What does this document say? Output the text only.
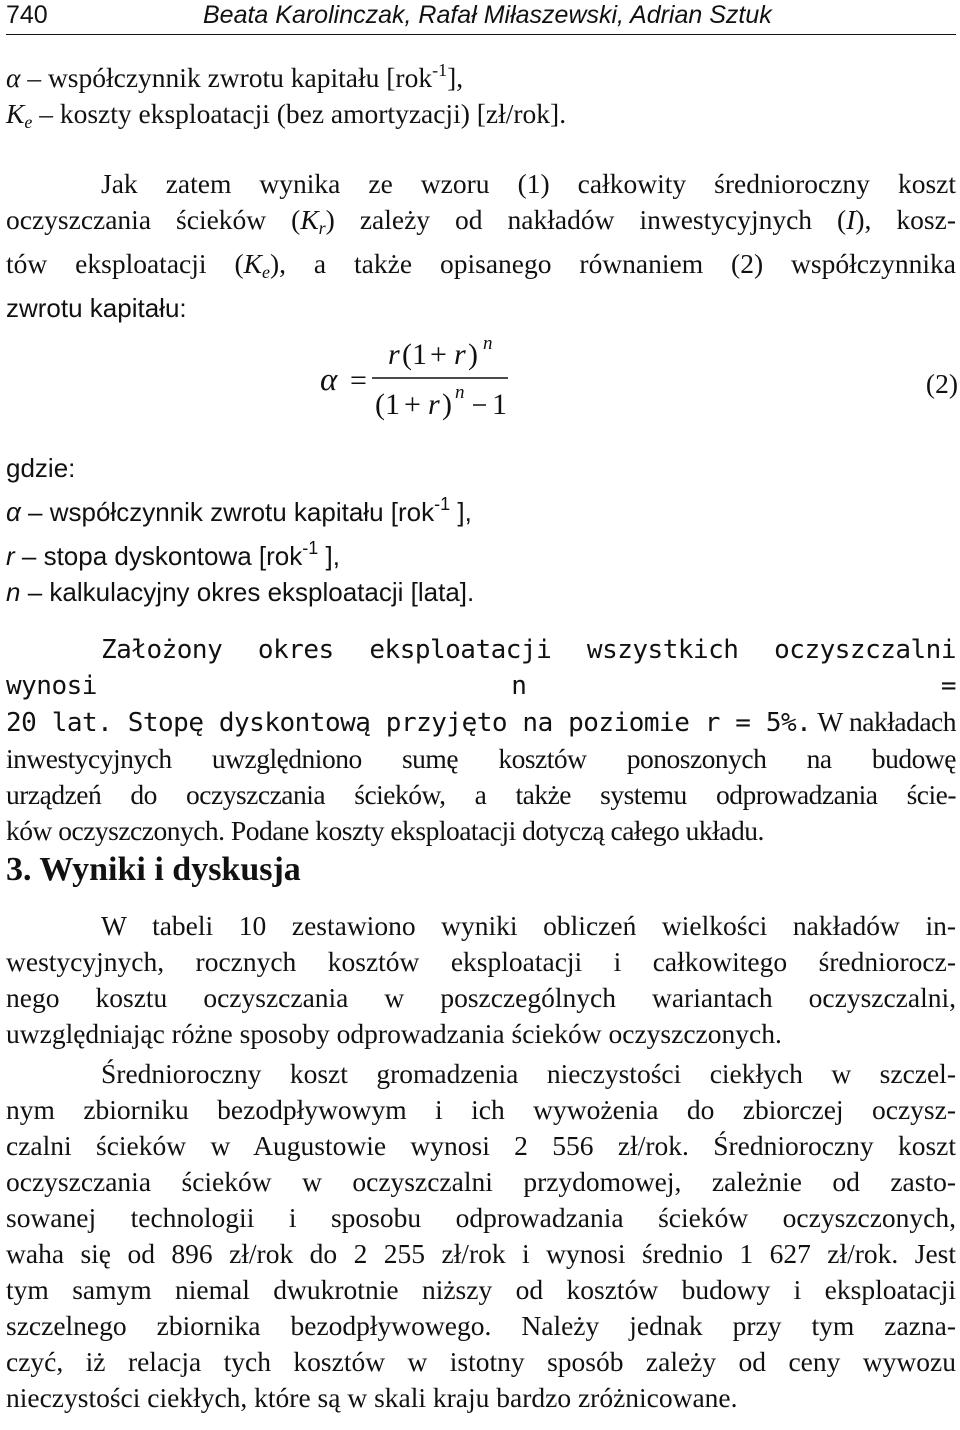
740	Beata Karolinczak, Rafał Miłaszewski, Adrian Sztuk
α – współczynnik zwrotu kapitału [rok$^{-1}$],
$K_e$ – koszty eksploatacji (bez amortyzacji) [zł/rok].
Jak zatem wynika ze wzoru (1) całkowity średnioroczny koszt
oczyszczania ścieków $(K_r)$ zależy od nakładów inwestycyjnych (I), kosz-
tów eksploatacji $(K_e)$, a także opisanego równaniem (2) współczynnika
zwrotu kapitału:
α =
r (1 + r ) n
(1 + r ) n 1
(2)
gdzie:
α – współczynnik zwrotu kapitału [rok$^{-1}$ ],
r – stopa dyskontowa [rok$^{-1}$ ],
n – kalkulacyjny okres eksploatacji [lata].
Założony okres eksploatacji wszystkich oczyszczalni wynosi n =
20 lat. Stopę dyskontową przyjęto na poziomie r = 5%. W nakładach
inwestycyjnych uwzględniono sumę kosztów ponoszonych na budowę
urządzeń do oczyszczania ścieków, a także systemu odprowadzania ście-
ków oczyszczonych. Podane koszty eksploatacji dotyczą całego układu.
3. Wyniki i dyskusja
W tabeli 10 zestawiono wyniki obliczeń wielkości nakładów in-
westycyjnych, rocznych kosztów eksploatacji i całkowitego średniorocz-
nego kosztu oczyszczania w poszczególnych wariantach oczyszczalni,
uwzględniając różne sposoby odprowadzania ścieków oczyszczonych.
Średnioroczny koszt gromadzenia nieczystości ciekłych w szczel-
nym zbiorniku bezodpływowym i ich wywożenia do zbiorczej oczysz-
czalni ścieków w Augustowie wynosi 2 556 zł/rok. Średnioroczny koszt
oczyszczania ścieków w oczyszczalni przydomowej, zależnie od zasto-
sowanej technologii i sposobu odprowadzania ścieków oczyszczonych,
waha się od 896 zł/rok do 2 255 zł/rok i wynosi średnio 1 627 zł/rok. Jest
tym samym niemal dwukrotnie niższy od kosztów budowy i eksploatacji
szczelnego zbiornika bezodpływowego. Należy jednak przy tym zazna-
czyć, iż relacja tych kosztów w istotny sposób zależy od ceny wywozu
nieczystości ciekłych, które są w skali kraju bardzo zróżnicowane.
